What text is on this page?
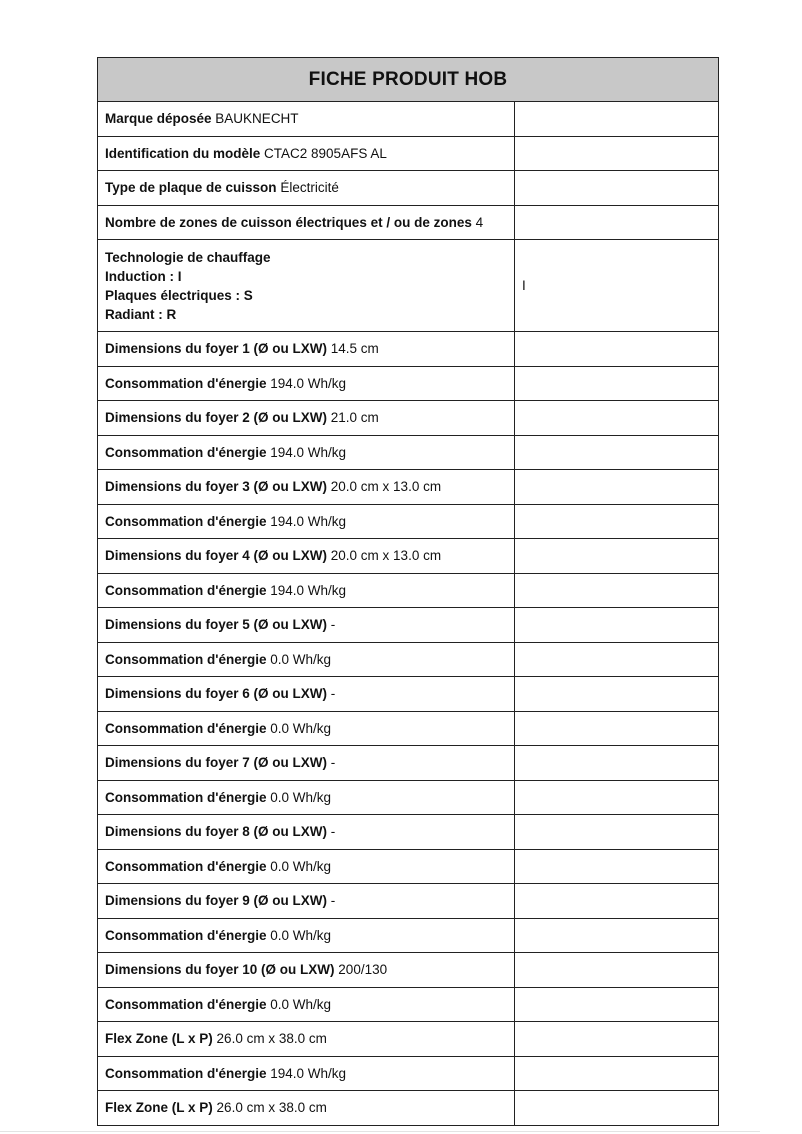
FICHE PRODUIT HOB	
Marque déposée BAUKNECHT	
Identification du modèle CTAC2 8905AFS AL	
Type de plaque de cuisson Électricité	
Nombre de zones de cuisson électriques et / ou de zones 4	

Technologie de chauffage
Induction : I
Plaques électriques : S
Radiant : R	I
Dimensions du foyer 1 (Ø ou LXW) 14.5 cm	
Consommation d'énergie 194.0 Wh/kg	
Dimensions du foyer 2 (Ø ou LXW) 21.0 cm	
Consommation d'énergie 194.0 Wh/kg	
Dimensions du foyer 3 (Ø ou LXW) 20.0 cm x 13.0 cm	
Consommation d'énergie 194.0 Wh/kg	
Dimensions du foyer 4 (Ø ou LXW) 20.0 cm x 13.0 cm	
Consommation d'énergie 194.0 Wh/kg	
Dimensions du foyer 5 (Ø ou LXW) -	
Consommation d'énergie 0.0 Wh/kg	
Dimensions du foyer 6 (Ø ou LXW) -	
Consommation d'énergie 0.0 Wh/kg	
Dimensions du foyer 7 (Ø ou LXW) -	
Consommation d'énergie 0.0 Wh/kg	
Dimensions du foyer 8 (Ø ou LXW) -	
Consommation d'énergie 0.0 Wh/kg	
Dimensions du foyer 9 (Ø ou LXW) -	
Consommation d'énergie 0.0 Wh/kg	
Dimensions du foyer 10 (Ø ou LXW) 200/130	
Consommation d'énergie 0.0 Wh/kg	
Flex Zone (L x P) 26.0 cm x 38.0 cm	
Consommation d'énergie 194.0 Wh/kg	
Flex Zone (L x P) 26.0 cm x 38.0 cm	
